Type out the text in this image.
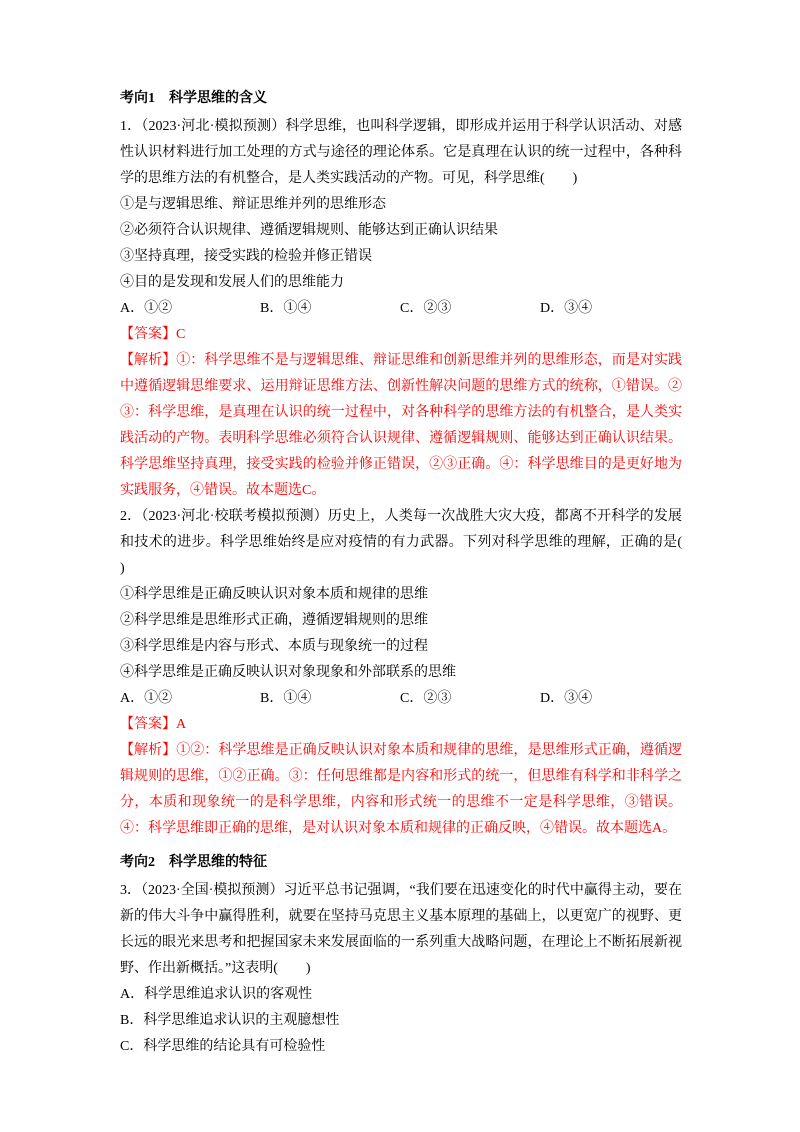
考向1　科学思维的含义

1．（2023·河北·模拟预测）科学思维，也叫科学逻辑，即形成并运用于科学认识活动、对感性认识材料进行加工处理的方式与途径的理论体系。它是真理在认识的统一过程中，各种科学的思维方法的有机整合，是人类实践活动的产物。可见，科学思维(　　)

①是与逻辑思维、辩证思维并列的思维形态

②必须符合认识规律、遵循逻辑规则、能够达到正确认识结果

③坚持真理，接受实践的检验并修正错误

④目的是发现和发展人们的思维能力

A．①②	B．①④	C．②③	D．③④

【答案】C

【解析】①：科学思维不是与逻辑思维、辩证思维和创新思维并列的思维形态，而是对实践中遵循逻辑思维要求、运用辩证思维方法、创新性解决问题的思维方式的统称，①错误。②③：科学思维，是真理在认识的统一过程中，对各种科学的思维方法的有机整合，是人类实践活动的产物。表明科学思维必须符合认识规律、遵循逻辑规则、能够达到正确认识结果。科学思维坚持真理，接受实践的检验并修正错误，②③正确。④：科学思维目的是更好地为实践服务，④错误。故本题选C。

2．（2023·河北·校联考模拟预测）历史上，人类每一次战胜大灾大疫，都离不开科学的发展和技术的进步。科学思维始终是应对疫情的有力武器。下列对科学思维的理解，正确的是(　　)

①科学思维是正确反映认识对象本质和规律的思维

②科学思维是思维形式正确，遵循逻辑规则的思维

③科学思维是内容与形式、本质与现象统一的过程

④科学思维是正确反映认识对象现象和外部联系的思维

A．①②	B．①④	C．②③	D．③④

【答案】A

【解析】①②：科学思维是正确反映认识对象本质和规律的思维，是思维形式正确，遵循逻辑规则的思维，①②正确。③：任何思维都是内容和形式的统一，但思维有科学和非科学之分，本质和现象统一的是科学思维，内容和形式统一的思维不一定是科学思维，③错误。④：科学思维即正确的思维，是对认识对象本质和规律的正确反映，④错误。故本题选A。

考向2　科学思维的特征

3．（2023·全国·模拟预测）习近平总书记强调，“我们要在迅速变化的时代中赢得主动，要在新的伟大斗争中赢得胜利，就要在坚持马克思主义基本原理的基础上，以更宽广的视野、更长远的眼光来思考和把握国家未来发展面临的一系列重大战略问题，在理论上不断拓展新视野、作出新概括。”这表明(　　)

A．科学思维追求认识的客观性

B．科学思维追求认识的主观臆想性

C．科学思维的结论具有可检验性
